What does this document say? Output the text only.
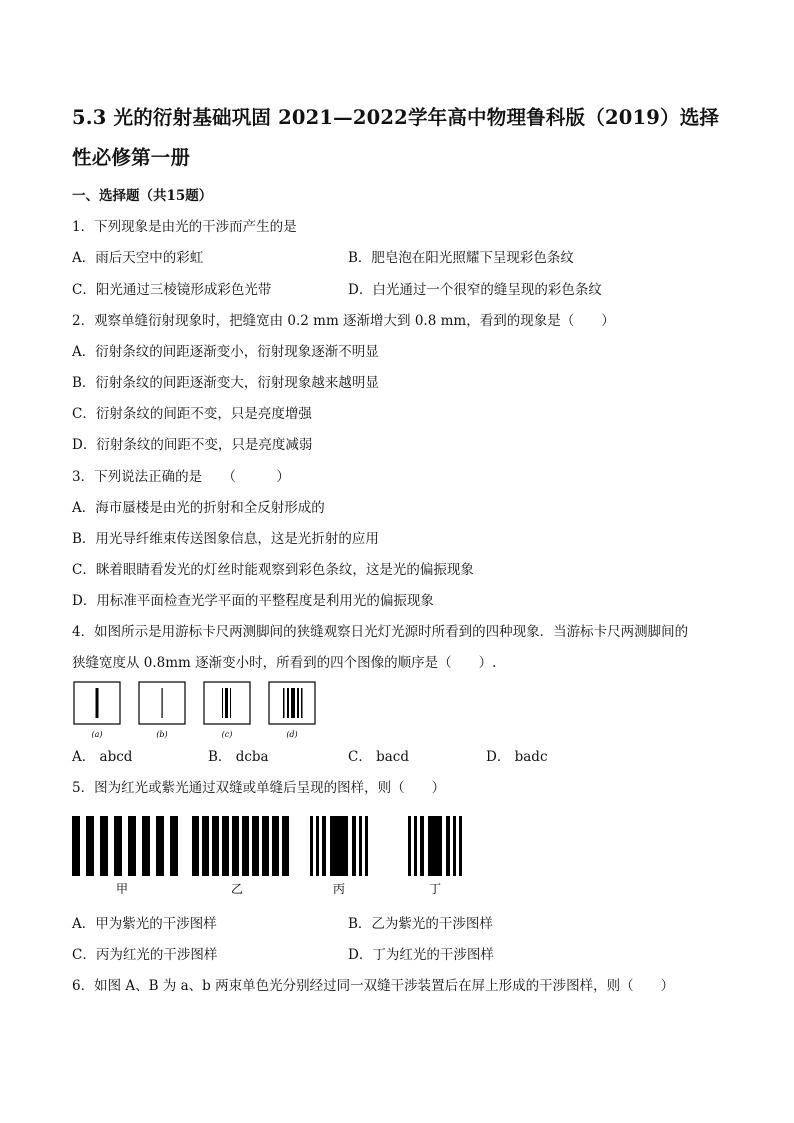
5.3 光的衍射基础巩固 2021—2022学年高中物理鲁科版（2019）选择性必修第一册
一、选择题（共15题）
1．下列现象是由光的干涉而产生的是
A．雨后天空中的彩虹	B．肥皂泡在阳光照耀下呈现彩色条纹
C．阳光通过三棱镜形成彩色光带	D．白光通过一个很窄的缝呈现的彩色条纹
2．观察单缝衍射现象时，把缝宽由 0.2 mm 逐渐增大到 0.8 mm，看到的现象是（　　）
A．衍射条纹的间距逐渐变小，衍射现象逐渐不明显
B．衍射条纹的间距逐渐变大，衍射现象越来越明显
C．衍射条纹的间距不变，只是亮度增强
D．衍射条纹的间距不变，只是亮度减弱
3．下列说法正确的是　　（　　　）
A．海市蜃楼是由光的折射和全反射形成的
B．用光导纤维束传送图象信息，这是光折射的应用
C．眯着眼睛看发光的灯丝时能观察到彩色条纹，这是光的偏振现象
D．用标准平面检查光学平面的平整程度是利用光的偏振现象
4．如图所示是用游标卡尺两测脚间的狭缝观察日光灯光源时所看到的四种现象．当游标卡尺两测脚间的
狭缝宽度从 0.8mm 逐渐变小时，所看到的四个图像的顺序是（　　）.
(a)	(b)	(c)	(d)
A． abcd	B． dcba	C． bacd	D． badc
5．图为红光或紫光通过双缝或单缝后呈现的图样，则（　　）
甲	乙	丙	丁
A．甲为紫光的干涉图样	B．乙为紫光的干涉图样
C．丙为红光的干涉图样	D．丁为红光的干涉图样
6．如图 A、B 为 a、b 两束单色光分别经过同一双缝干涉装置后在屏上形成的干涉图样，则（　　）
